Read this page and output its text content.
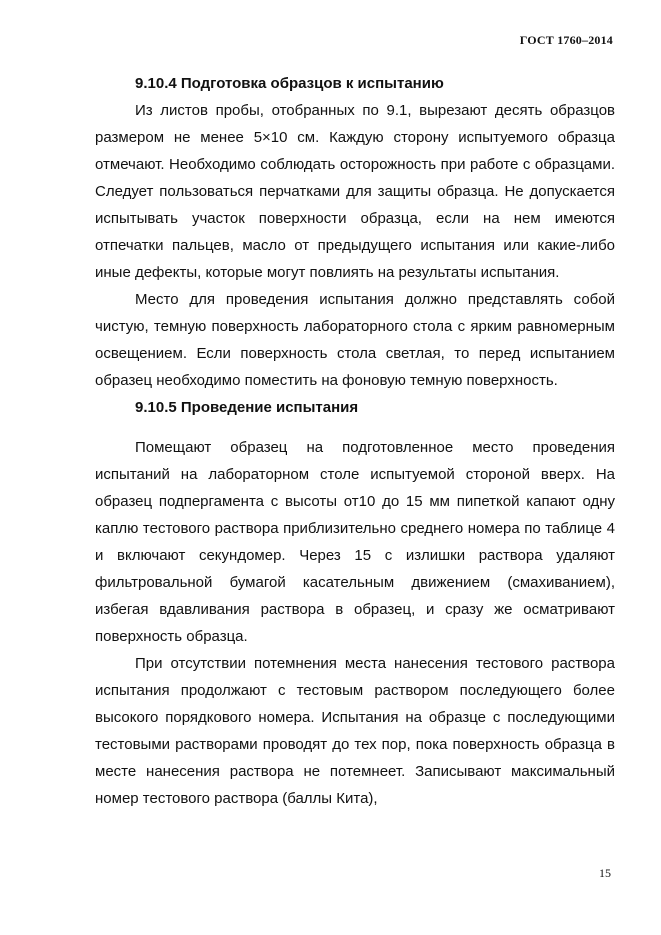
ГОСТ 1760–2014

9.10.4 Подготовка образцов к испытанию

Из листов пробы, отобранных по 9.1, вырезают десять образцов размером не менее 5×10 см. Каждую сторону испытуемого образца отмечают. Необходимо соблюдать осторожность при работе с образцами. Следует пользоваться перчатками для защиты образца. Не допускается испытывать участок поверхности образца, если на нем имеются отпечатки пальцев, масло от предыдущего испытания или какие-либо иные дефекты, которые могут повлиять на результаты испытания.

Место для проведения испытания должно представлять собой чистую, темную поверхность лабораторного стола с ярким равномерным освещением. Если поверхность стола светлая, то перед испытанием образец необходимо поместить на фоновую темную поверхность.

9.10.5 Проведение испытания

Помещают образец на подготовленное место проведения испытаний на лабораторном столе испытуемой стороной вверх. На образец подпергамента с высоты от10 до 15 мм пипеткой капают одну каплю тестового раствора приблизительно среднего номера по таблице 4 и включают секундомер. Через 15 с излишки раствора удаляют фильтровальной бумагой касательным движением (смахиванием), избегая вдавливания раствора в образец, и сразу же осматривают поверхность образца.

При отсутствии потемнения места нанесения тестового раствора испытания продолжают с тестовым раствором последующего более высокого порядкового номера. Испытания на образце с последующими тестовыми растворами проводят до тех пор, пока поверхность образца в месте нанесения раствора не потемнеет. Записывают максимальный номер тестового раствора (баллы Кита),

15
